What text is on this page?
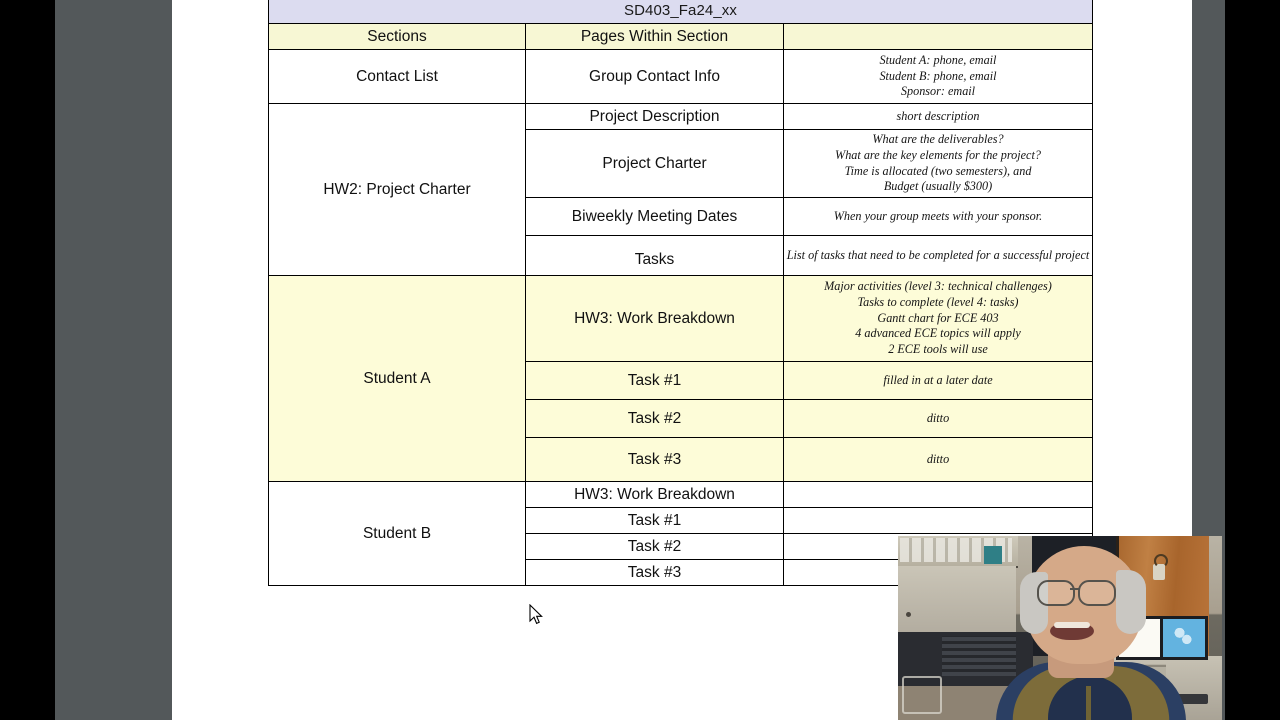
SD403_Fa24_xx		
Sections	Pages Within Section	
Contact List	Group Contact Info	Student A: phone, email
Student B: phone, email
Sponsor: email

HW2: Project Charter	Project Description	short description

	Project Charter	What are the deliverables?
What are the key elements for the project?
Time is allocated (two semesters), and
Budget (usually $300)

	Biweekly Meeting Dates	When your group meets with your sponsor.

	Tasks	List of tasks that need to be completed for a successful project

Student A	HW3: Work Breakdown	Major activities (level 3: technical challenges)
Tasks to complete (level 4: tasks)
Gantt chart for ECE 403
4 advanced ECE topics will apply
2 ECE tools will use

	Task #1	filled in at a later date

	Task #2	ditto

	Task #3	ditto

Student B	HW3: Work Breakdown	
	Task #1	
	Task #2	
	Task #3	
